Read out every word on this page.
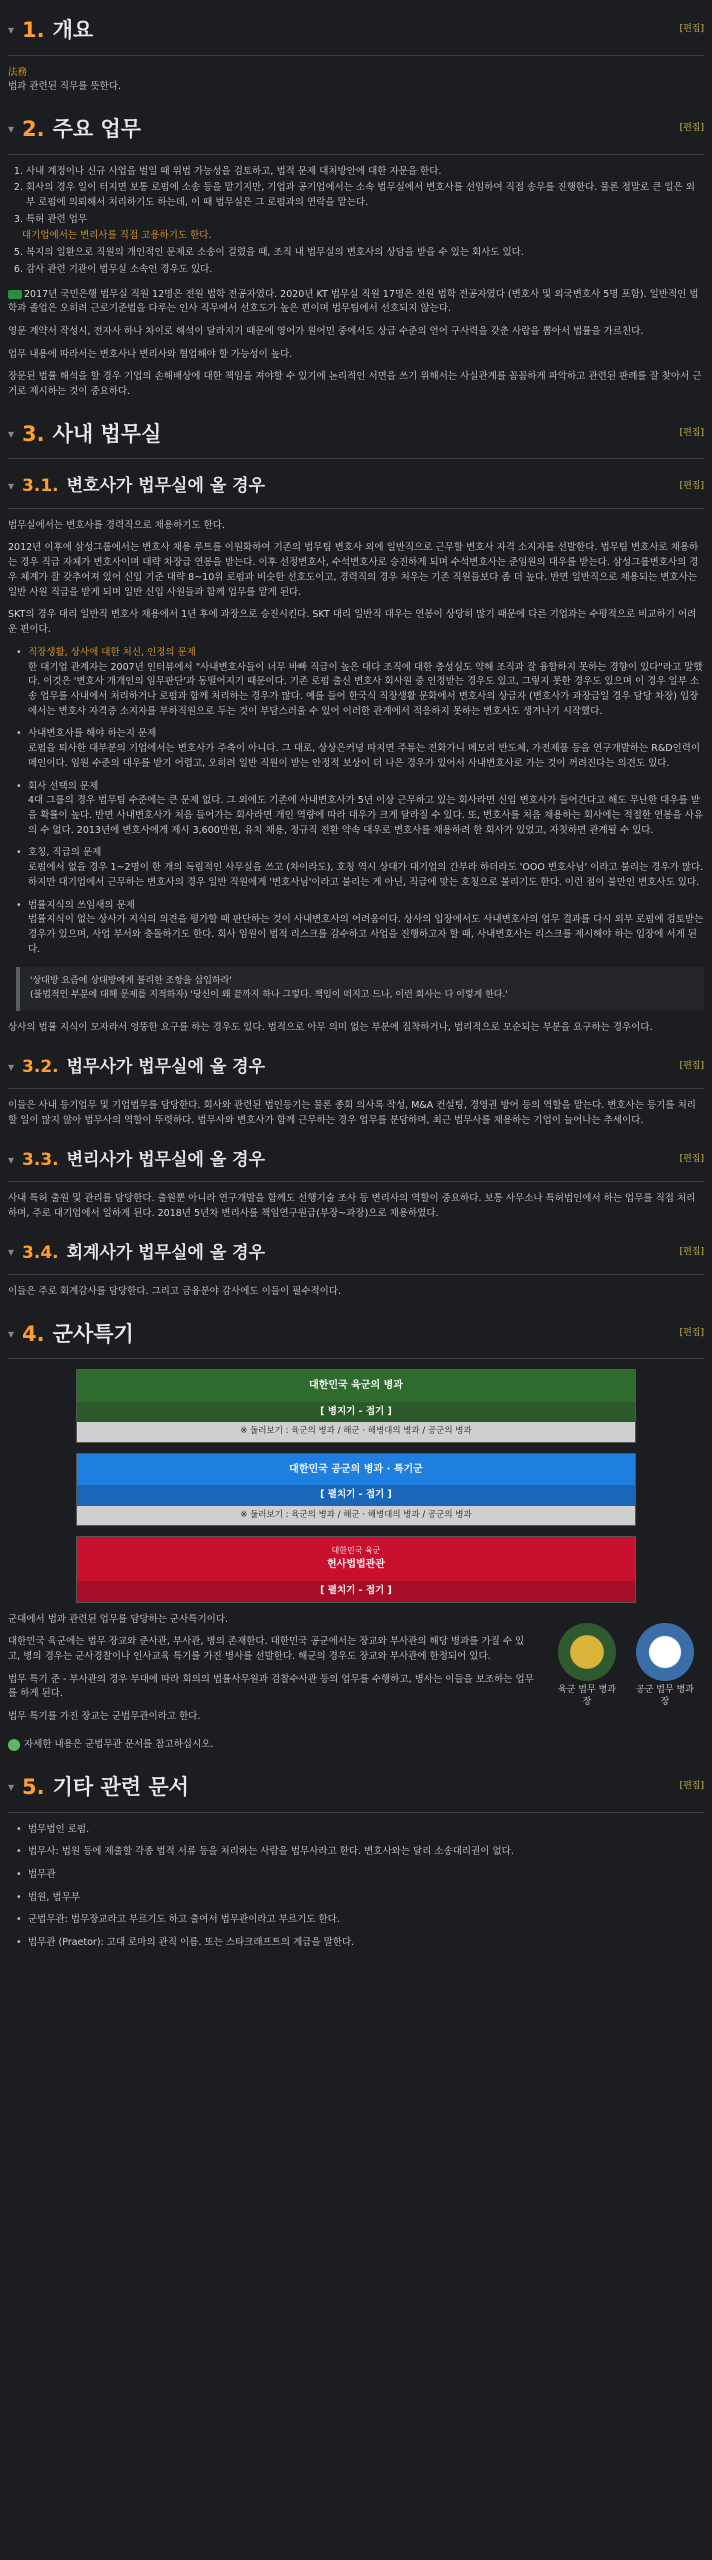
▾ 1. 개요	[편집]
法務
법과 관련된 직무를 뜻한다.
▾ 2. 주요 업무	[편집]
1. 사내 계정이나 신규 사업을 벌일 때 위법 가능성을 검토하고, 법적 문제 대처방안에 대한 자문을 한다.
2. 회사의 경우 일이 터지면 보통 로펌에 소송 등을 맡기지만, 기업과 공기업에서는 소속 법무실에서 변호사를 선임하여 직접 송무를 진행한다. 물론 정말로 큰 일은 외부 로펌에 의뢰해서 처리하기도 하는데, 이 때 법무실은 그 로펌과의 연락을 맡는다.
3. 특허 관련 업무
대기업에서는 변리사를 직접 고용하기도 한다.
5. 복지의 일환으로 직원의 개인적인 문제로 소송이 걸렸을 때, 조직 내 법무실의 변호사의 상담을 받을 수 있는 회사도 있다.
6. 감사 관련 기관이 법무실 소속인 경우도 있다.

2017년 국민은행 법무실 직원 12명은 전원 법학 전공자였다. 2020년 KT 법무실 직원 17명은 전원 법학 전공자였다 (변호사 및 외국변호사 5명 포함). 일반적인 법학과 졸업은 오히려 근로기준법을 다루는 인사 직무에서 선호도가 높은 편이며 법무팀에서 선호되지 않는다.

영문 계약서 작성시, 전자사 하나 차이로 해석이 달라지기 때문에 영어가 원어민 중에서도 상급 수준의 언어 구사력을 갖춘 사람을 뽑아서 법률을 가르친다.

업무 내용에 따라서는 변호사나 변리사와 협업해야 할 가능성이 높다.

장문된 법률 해석을 할 경우 기업의 손해배상에 대한 책임을 져야할 수 있기에 논리적인 서면을 쓰기 위해서는 사실관계를 꼼꼼하게 파악하고 관련된 판례를 잘 찾아서 근거로 제시하는 것이 중요하다.

▾ 3. 사내 법무실	[편집]
▾ 3.1. 변호사가 법무실에 올 경우	[편집]

법무실에서는 변호사를 경력직으로 채용하기도 한다.

2012년 이후에 삼성그룹에서는 변호사 채용 루트를 이원화하여 기존의 법무팀 변호사 외에 일반직으로 근무할 변호사 자격 소지자를 선발한다. 법무팀 변호사로 채용하는 경우 직급 자체가 변호사이며 대략 차장급 연봉을 받는다. 이후 선정변호사, 수석변호사로 승진하게 되며 수석변호사는 준임원의 대우를 받는다. 삼성그룹변호사의 경우 체계가 잘 갖추어져 있어 신입 기준 대략 8~10위 로펌과 비슷한 선호도이고, 경력직의 경우 처우는 기존 직원들보다 좀 더 높다. 반면 일반직으로 채용되는 변호사는 일반 사원 직급을 받게 되며 일반 신입 사원들과 함께 업무를 맡게 된다.

SKT의 경우 대리 일반직 변호사 채용에서 1년 후에 과장으로 승진시킨다. SKT 대리 일반직 대우는 연봉이 상당히 많기 때문에 다른 기업과는 수평적으로 비교하기 어려운 편이다.

• 직장생활, 상사에 대한 처신, 인정의 문제
한 대기업 관계자는 2007년 인터뷰에서 "사내변호사들이 너무 바빠 직급이 높은 대다 조직에 대한 충성심도 약해 조직과 잘 융합하지 못하는 경향이 있다"라고 말했다. 이것은 '변호사 개개인의 임무판단'과 동떨어지기 때문이다. 기존 로펌 출신 변호사 회사원 중 인정받는 경우도 있고, 그렇지 못한 경우도 있으며 이 경우 일부 소송 업무를 사내에서 처리하거나 로펌과 함께 처리하는 경우가 많다. 예를 들어 한국식 직장생활 문화에서 변호사의 상급자 (변호사가 과장급일 경우 담당 차장) 입장에서는 변호사 자격증 소지자를 부하직원으로 두는 것이 부담스러울 수 있어 이러한 관계에서 적응하지 못하는 변호사도 생겨나기 시작했다.
• 사내변호사를 해야 하는지 문제
로펌을 퇴사한 대부분의 기업에서는 변호사가 주축이 아니다. 그 대로, 상상은커녕 따지면 주튜는 전화가니 메모리 반도체, 가전제품 등을 연구개발하는 R&D인력이 메인이다. 임원 수준의 대우를 받기 어렵고, 오히려 일반 직원이 받는 안정적 보상이 더 나은 경우가 있어서 사내변호사로 가는 것이 꺼려진다는 의견도 있다.
• 회사 선택의 문제
4대 그룹의 경우 법무팀 수준에는 큰 문제 없다. 그 외에도 기존에 사내변호사가 5년 이상 근무하고 있는 회사라면 신입 변호사가 들어간다고 해도 무난한 대우를 받을 확률이 높다. 반면 사내변호사가 처음 들어가는 회사라면 개인 역량에 따라 대우가 크게 달라질 수 있다. 또, 변호사를 처음 채용하는 회사에는 적절한 연봉을 사유의 수 없다. 2013년에 변호사에게 제시 3,600만원, 유치 채용, 정규직 전환 약속 대우로 변호사를 채용하려 한 회사가 있었고, 자칫하면 관계될 수 있다.
• 호칭, 직급의 문제
로펌에서 없을 경우 1~2명이 한 개의 독립적인 사무실을 쓰고 (차이라도), 호칭 역시 상대가 대기업의 간부라 하더라도 'OOO 변호사님' 이라고 불리는 경우가 많다. 하지만 대기업에서 근무하는 변호사의 경우 일반 직원에게 '변호사님'이라고 불리는 게 아닌, 직급에 맞는 호칭으로 불리기도 한다. 이런 점이 불만인 변호사도 있다.
• 법률지식의 쓰임새의 문제
법률지식이 없는 상사가 지식의 의견을 평가할 때 판단하는 것이 사내변호사의 어려움이다. 상사의 입장에서도 사내변호사의 업무 결과를 다시 외부 로펌에 검토받는 경우가 있으며, 사업 부서와 충돌하기도 한다. 회사 임원이 법적 리스크를 감수하고 사업을 진행하고자 할 때, 사내변호사는 리스크를 제시해야 하는 입장에 서게 된다.
'상대방 요즘에 상대방에게 불리한 조항을 삽입하라'
(불법적인 부분에 대해 문제를 지적하자) '당신이 왜 끝까지 하나 그렇다. 책임이 떠지고 드나, 이런 회사는 다 이렇게 한다.'

상사의 법률 지식이 모자라서 엉뚱한 요구를 하는 경우도 있다. 법적으로 아무 의미 없는 부분에 집착하거나, 법리적으로 모순되는 부분을 요구하는 경우이다.

▾ 3.2. 법무사가 법무실에 올 경우	[편집]

이들은 사내 등기업무 및 기업법무를 담당한다. 회사와 관련된 법인등기는 물론 종회 의사록 작성, M&A 컨설팅, 경영권 방어 등의 역할을 맡는다. 변호사는 등기를 처리할 일이 많지 않아 법무사의 역할이 뚜렷하다. 법무사와 변호사가 함께 근무하는 경우 업무를 분담하며, 최근 법무사를 채용하는 기업이 늘어나는 추세이다.

▾ 3.3. 변리사가 법무실에 올 경우	[편집]

사내 특허 출원 및 관리를 담당한다. 출원뿐 아니라 연구개발을 함께도 선행기술 조사 등 변리사의 역할이 중요하다. 보통 사무소나 특허법인에서 하는 업무를 직접 처리하며, 주로 대기업에서 일하게 된다. 2018년 5년차 변리사를 책임연구원급(부장~과장)으로 채용하였다.

▾ 3.4. 회계사가 법무실에 올 경우	[편집]

이들은 주로 회계감사를 담당한다. 그리고 금융분야 감사에도 이들이 필수적이다.

▾ 4. 군사특기	[편집]
대한민국 육군의 병과
[ 병지기 - 접기 ]
※ 둘러보기 : 육군의 병과 / 해군 · 해병대의 병과 / 공군의 병과
대한민국 공군의 병과 · 특기군
[ 펼치기 - 접기 ]
※ 둘러보기 : 육군의 병과 / 해군 · 해병대의 병과 / 공군의 병과
대한민국 육군
헌사법법관관
[ 펼치기 - 접기 ]

군대에서 법과 관련된 업무를 담당하는 군사특기이다.

대한민국 육군에는 법무 장교와 준사관, 부사관, 병의 존재한다. 대한민국 공군에서는 장교와 부사관의 해당 병과를 가질 수 있고, 병의 경우는 군사경찰이나 인사교육 특기를 가진 병사를 선발한다. 해군의 경우도 장교와 부사관에 한정되어 있다.

법무 특기 준 - 부사관의 경우 부대에 따라 회의의 법률사무원과 검찰수사관 등의 업무를 수행하고, 병사는 이들을 보조하는 업무를 하게 된다.

법무 특기를 가진 장교는 군법무관이라고 한다.

육군 법무 병과장
공군 법무 병과장

자세한 내용은 군법무관 문서를 참고하십시오.

▾ 5. 기타 관련 문서	[편집]
• 법무법인 로펌.
• 법무사: 법원 등에 제출할 각종 법적 서류 등을 처리하는 사람을 법무사라고 한다. 변호사와는 달리 소송대리권이 없다.
• 법무관
• 법원, 법무부
• 군법무관: 법무장교라고 부르기도 하고 출여서 법무관이라고 부르기도 한다.
• 법무관 (Praetor): 고대 로마의 관직 이름. 또는 스타크래프트의 계급을 말한다.
